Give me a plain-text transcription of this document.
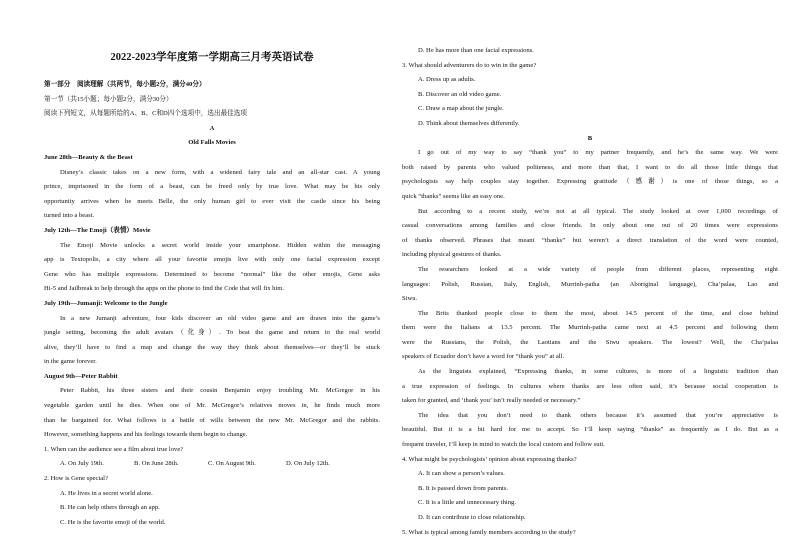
2022-2023学年度第一学期高三月考英语试卷
第一部分　阅读理解（共两节，每小题2分，满分40分）
第一节（共15小题；每小题2分，满分30分）
阅读下列短文，从每题所给的A、B、C和D四个选项中，选出最佳选项
A
Old Falls Movies
June 28th—Beauty & the Beast
Disney’s classic takes on a new form, with a widened fairy tale and an all-star cast. A young
prince, imprisoned in the form of a beast, can be freed only by true love. What may be his only
opportunity arrives when he meets Belle, the only human girl to ever visit the castle since his being
turned into a beast.
July 12th—The Emoji（表情）Movie
The Emoji Movie unlocks a secret world inside your smartphone. Hidden within the messaging
app is Textopolis, a city where all your favorite emojis live with only one facial expression except
Gene who has multiple expressions. Determined to become “normal” like the other emojis, Gene asks
Hi-5 and Jailbreak to help through the apps on the phone to find the Code that will fix him.
July 19th—Jumanji: Welcome to the Jungle
In a new Jumanji adventure, four kids discover an old video game and are drawn into the game’s
jungle setting, becoming the adult avatars（化身）. To beat the game and return to the real world
alive, they’ll have to find a map and change the way they think about themselves—or they’ll be stuck
in the game forever.
August 9th—Peter Rabbit
Peter Rabbit, his three sisters and their cousin Benjamin enjoy troubling Mr. McGregor in his
vegetable garden until he dies. When one of Mr. McGregor’s relatives moves in, he finds much more
than he bargained for. What follows is a battle of wills between the new Mr. McGregor and the rabbits.
However, something happens and his feelings towards them begin to change.
1. When can the audience see a film about true love?
A. On July 19th.	B. On June 28th.	C. On August 9th.	D. On July 12th.
2. How is Gene special?
A. He lives in a secret world alone.
B. He can help others through an app.
C. He is the favorite emoji of the world.
D. He has more than one facial expressions.
3. What should adventurers do to win in the game?
A. Dress up as adults.
B. Discover an old video game.
C. Draw a map about the jungle.
D. Think about themselves differently.
B
I go out of my way to say “thank you” to my partner frequently, and he’s the same way. We were
both raised by parents who valued politeness, and more than that, I want to do all those little things that
psychologists say help couples stay together. Expressing gratitude（感谢）is one of those things, so a
quick “thanks” seems like an easy one.
But according to a recent study, we’re not at all typical. The study looked at over 1,000 recordings of
casual conversations among families and close friends. In only about one out of 20 times were expressions
of thanks observed. Phrases that meant “thanks” but weren’t a direct translation of the word were counted,
including physical gestures of thanks.
The researchers looked at a wide variety of people from different places, representing eight
languages: Polish, Russian, Italy, English, Murrinh-patha (an Aboriginal language), Cha’palaa, Lao and
Siwu.
The Brits thanked people close to them the most, about 14.5 percent of the time, and close behind
them were the Italians at 13.5 percent. The Murrinh-patha came next at 4.5 percent and following them
were the Russians, the Polish, the Laotians and the Siwu speakers. The lowest? Well, the Cha’palaa
speakers of Ecuador don’t have a word for “thank you” at all.
As the linguists explained, “Expressing thanks, in some cultures, is more of a linguistic tradition than
a true expression of feelings. In cultures where thanks are less often said, it’s because social cooperation is
taken for granted, and ‘thank you’ isn’t really needed or necessary.”
The idea that you don’t need to thank others because it’s assumed that you’re appreciative is
beautiful. But it is a bit hard for me to accept. So I’ll keep saying “thanks” as frequently as I do. But as a
frequent traveler, I’ll keep in mind to watch the local custom and follow suit.
4. What might be psychologists’ opinion about expressing thanks?
A. It can show a person’s values.
B. It is passed down from parents.
C. It is a little and unnecessary thing.
D. It can contribute to close relationship.
5. What is typical among family members according to the study?
